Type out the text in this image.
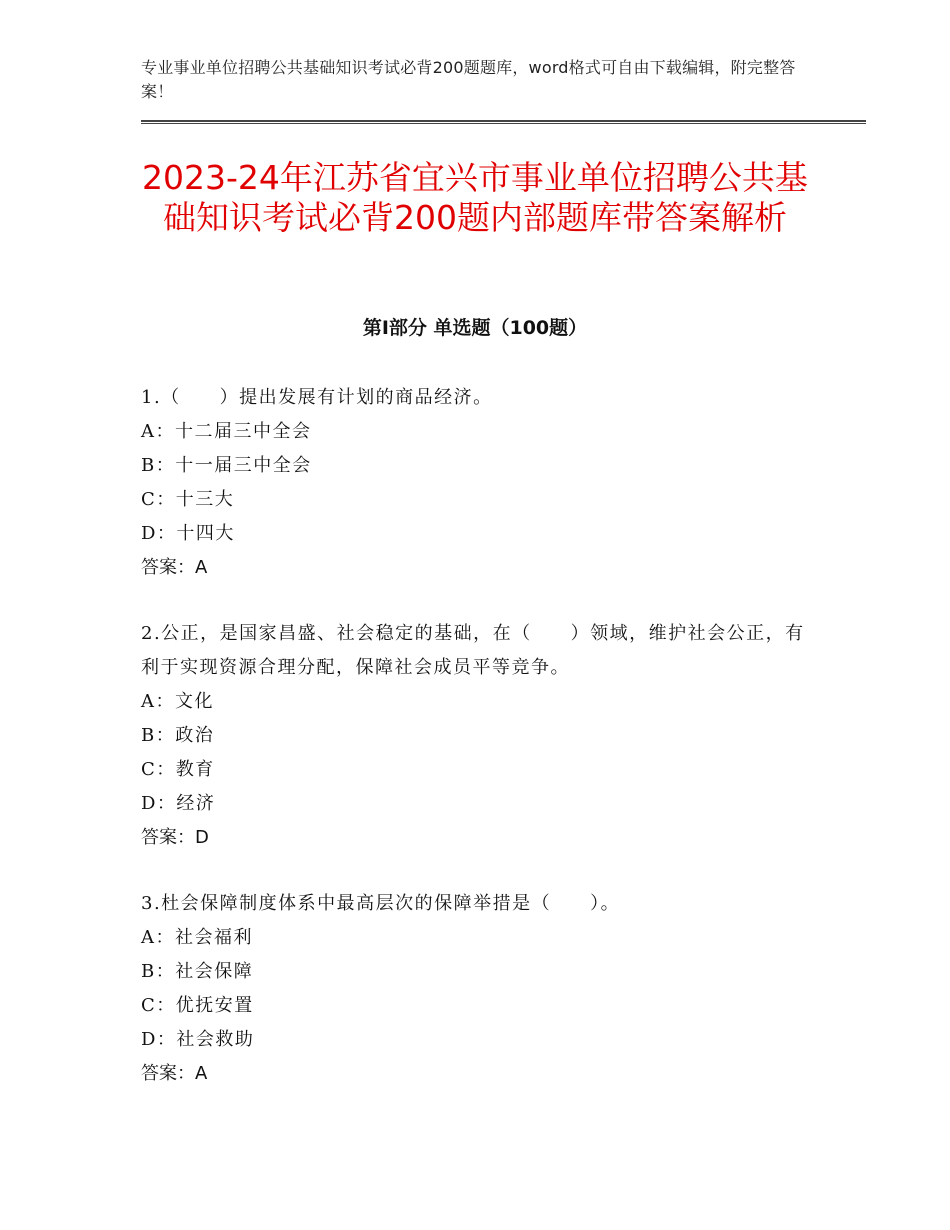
专业事业单位招聘公共基础知识考试必背200题题库，word格式可自由下载编辑，附完整答案！
2023-24年江苏省宜兴市事业单位招聘公共基础知识考试必背200题内部题库带答案解析
第I部分 单选题（100题）

1.（　　）提出发展有计划的商品经济。

A：十二届三中全会

B：十一届三中全会

C：十三大

D：十四大

答案：A

2.公正，是国家昌盛、社会稳定的基础，在（　　）领域，维护社会公正，有利于实现资源合理分配，保障社会成员平等竞争。

A：文化

B：政治

C：教育

D：经济

答案：D

3.杜会保障制度体系中最高层次的保障举措是（　　）。

A：社会福利

B：社会保障

C：优抚安置

D：社会救助

答案：A
